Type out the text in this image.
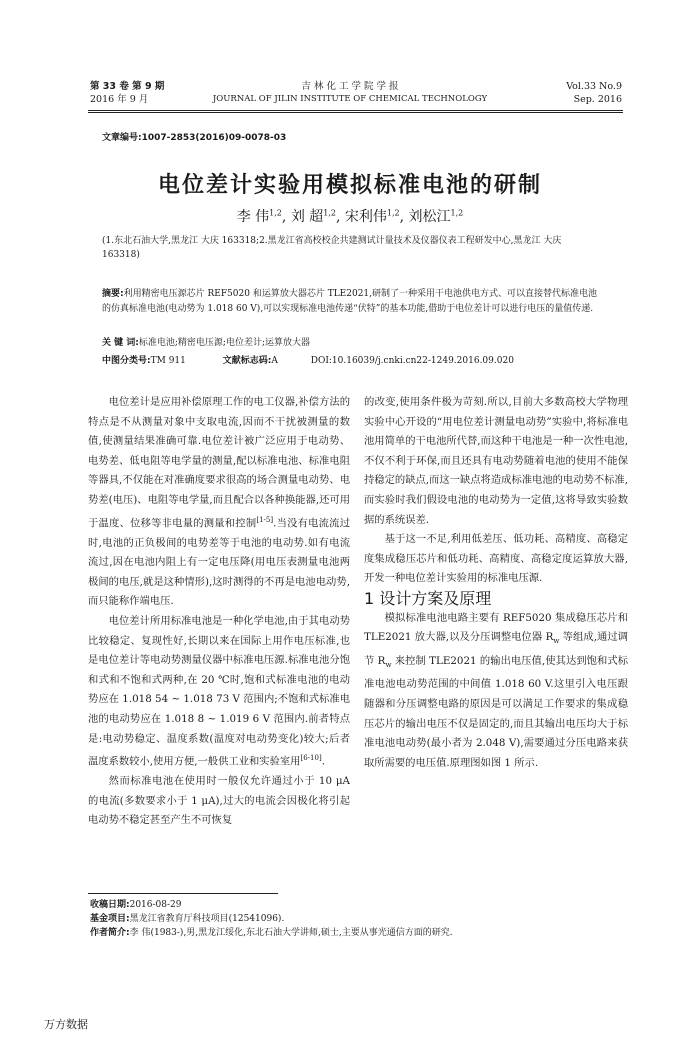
第 33 卷 第 9 期
2016 年 9 月
吉 林 化 工 学 院 学 报
JOURNAL OF JILIN INSTITUTE OF CHEMICAL TECHNOLOGY
Vol.33 No.9
Sep. 2016
文章编号:1007-2853(2016)09-0078-03
电位差计实验用模拟标准电池的研制
李 伟$^{1,2}$, 刘 超$^{1,2}$, 宋利伟$^{1,2}$, 刘松江$^{1,2}$
(1.东北石油大学,黑龙江 大庆 163318;2.黑龙江省高校校企共建测试计量技术及仪器仪表工程研发中心,黑龙江 大庆 163318)
摘要:利用精密电压源芯片 REF5020 和运算放大器芯片 TLE2021,研制了一种采用干电池供电方式、可以直接替代标准电池的仿真标准电池(电动势为 1.018 60 V),可以实现标准电池传递“伏特”的基本功能,借助于电位差计可以进行电压的量值传递.
关 键 词:标准电池;精密电压源;电位差计;运算放大器
中图分类号:TM 911	文献标志码:A	DOI:10.16039/j.cnki.cn22-1249.2016.09.020

电位差计是应用补偿原理工作的电工仪器,补偿方法的特点是不从测量对象中支取电流,因而不干扰被测量的数值,使测量结果准确可靠.电位差计被广泛应用于电动势、电势差、低电阻等电学量的测量,配以标准电池、标准电阻等器具,不仅能在对准确度要求很高的场合测量电动势、电势差(电压)、电阻等电学量,而且配合以各种换能器,还可用于温度、位移等非电量的测量和控制[1-5].当没有电流流过时,电池的正负极间的电势差等于电池的电动势.如有电流流过,因在电池内阻上有一定电压降(用电压表测量电池两极间的电压,就是这种情形),这时测得的不再是电池电动势,而只能称作端电压.

电位差计所用标准电池是一种化学电池,由于其电动势比较稳定、复现性好,长期以来在国际上用作电压标准,也是电位差计等电动势测量仪器中标准电压源.标准电池分饱和式和不饱和式两种,在 20 ℃时,饱和式标准电池的电动势应在 1.018 54 ~ 1.018 73 V 范围内;不饱和式标准电池的电动势应在 1.018 8 ~ 1.019 6 V 范围内.前者特点是:电动势稳定、温度系数(温度对电动势变化)较大;后者温度系数较小,使用方便,一般供工业和实验室用[6-10].

然而标准电池在使用时一般仅允许通过小于 10 μA 的电流(多数要求小于 1 μA),过大的电流会因极化将引起电动势不稳定甚至产生不可恢复

的改变,使用条件极为苛刻.所以,目前大多数高校大学物理实验中心开设的“用电位差计测量电动势”实验中,将标准电池用简单的干电池所代替,而这种干电池是一种一次性电池,不仅不利于环保,而且还具有电动势随着电池的使用不能保持稳定的缺点,而这一缺点将造成标准电池的电动势不标准,而实验时我们假设电池的电动势为一定值,这将导致实验数据的系统误差.

基于这一不足,利用低差压、低功耗、高精度、高稳定度集成稳压芯片和低功耗、高精度、高稳定度运算放大器,开发一种电位差计实验用的标准电压源.

1 设计方案及原理

模拟标准电池电路主要有 REF5020 集成稳压芯片和 TLE2021 放大器,以及分压调整电位器 $R_w$ 等组成,通过调节 $R_w$ 来控制 TLE2021 的输出电压值,使其达到饱和式标准电池电动势范围的中间值 1.018 60 V.这里引入电压跟随器和分压调整电路的原因是可以满足工作要求的集成稳压芯片的输出电压不仅是固定的,而且其输出电压均大于标准电池电动势(最小者为 2.048 V),需要通过分压电路来获取所需要的电压值.原理图如图 1 所示.

收稿日期:2016-08-29
基金项目:黑龙江省教育厅科技项目(12541096).
作者简介:李 伟(1983-),男,黑龙江绥化,东北石油大学讲师,硕士,主要从事光通信方面的研究.
万方数据
